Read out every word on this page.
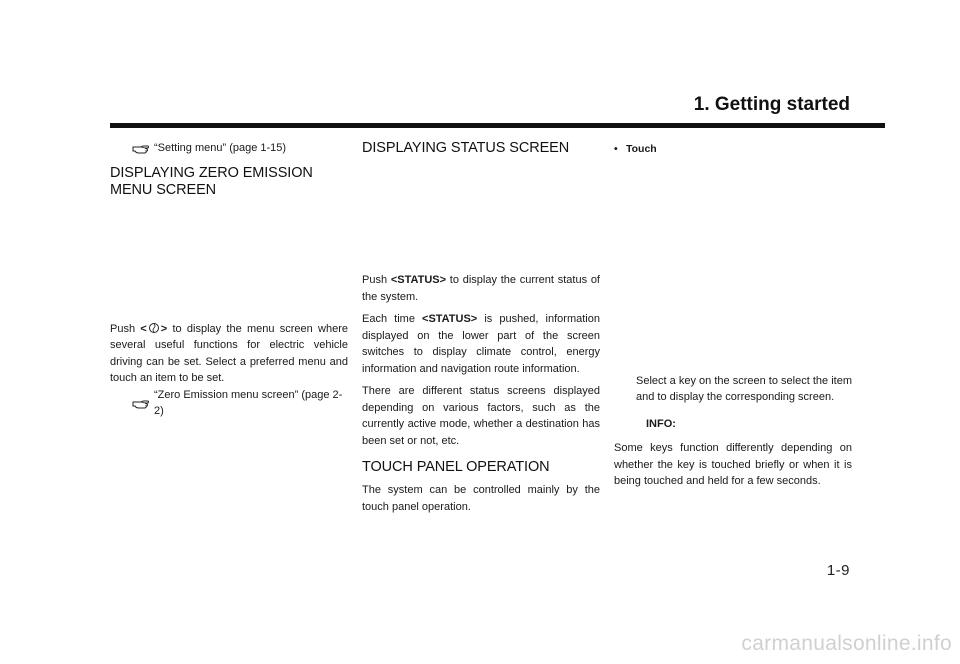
1. Getting started
“Setting menu” (page 1-15)
DISPLAYING ZERO EMISSION MENU SCREEN

Push < > to display the menu screen where several useful functions for electric vehicle driving can be set. Select a preferred menu and touch an item to be set.

“Zero Emission menu screen” (page 2-2)
DISPLAYING STATUS SCREEN

Push <STATUS> to display the current status of the system.

Each time <STATUS> is pushed, information displayed on the lower part of the screen switches to display climate control, energy information and navigation route information.

There are different status screens displayed depending on various factors, such as the currently active mode, whether a destination has been set or not, etc.

TOUCH PANEL OPERATION

The system can be controlled mainly by the touch panel operation.

• Touch

Select a key on the screen to select the item and to display the corresponding screen.

INFO:

Some keys function differently depending on whether the key is touched briefly or when it is being touched and held for a few seconds.

1-9
carmanualsonline.info
